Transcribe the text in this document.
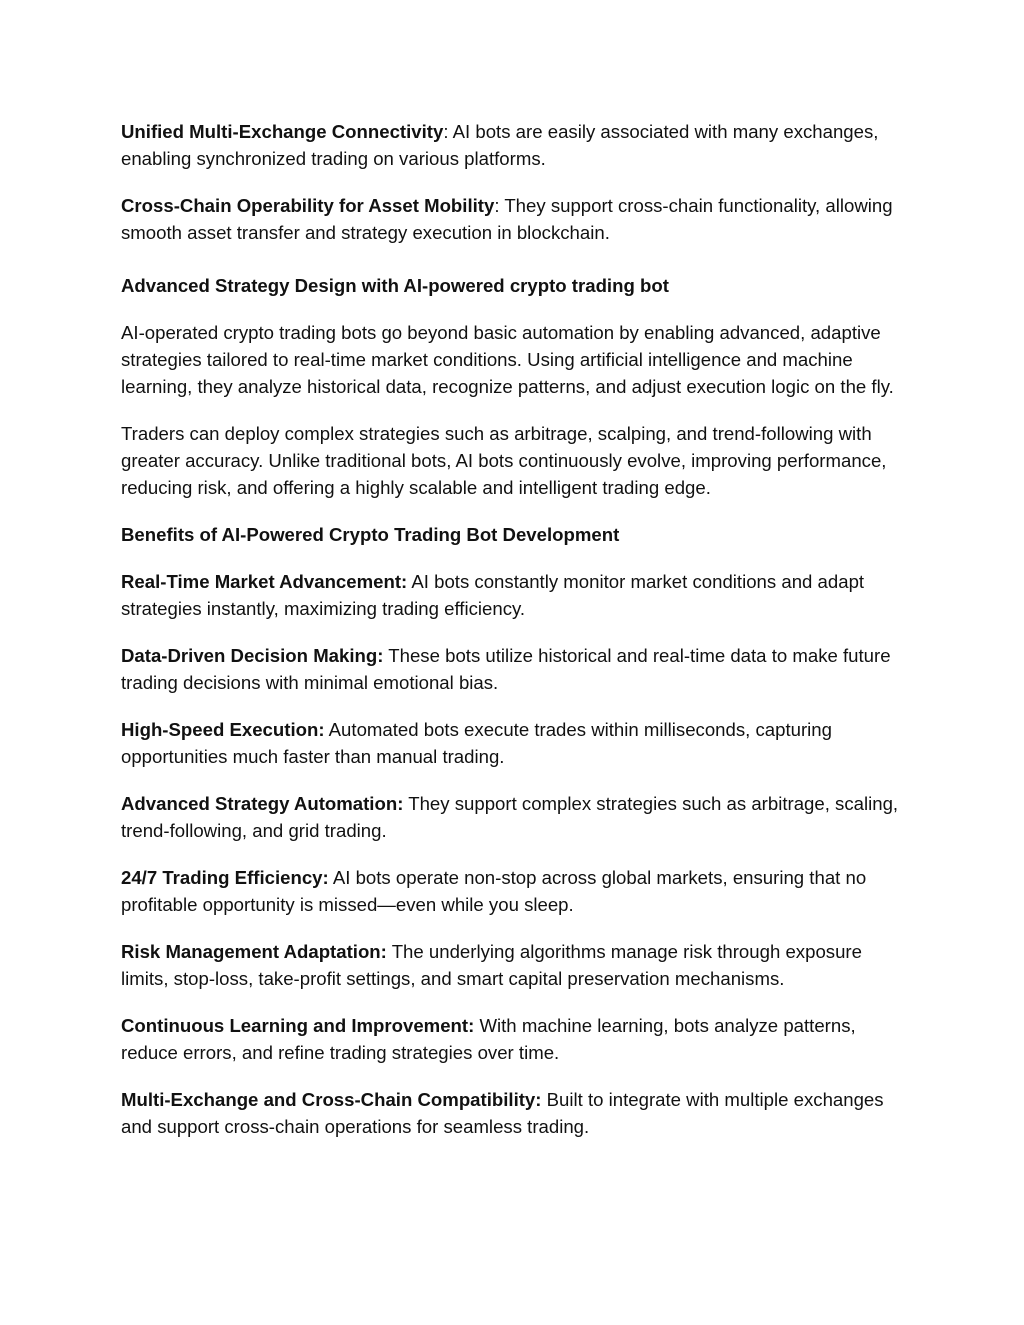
Unified Multi-Exchange Connectivity: AI bots are easily associated with many exchanges, enabling synchronized trading on various platforms.

Cross-Chain Operability for Asset Mobility: They support cross-chain functionality, allowing smooth asset transfer and strategy execution in blockchain.

Advanced Strategy Design with AI-powered crypto trading bot

AI-operated crypto trading bots go beyond basic automation by enabling advanced, adaptive strategies tailored to real-time market conditions. Using artificial intelligence and machine learning, they analyze historical data, recognize patterns, and adjust execution logic on the fly.

Traders can deploy complex strategies such as arbitrage, scalping, and trend-following with greater accuracy. Unlike traditional bots, AI bots continuously evolve, improving performance, reducing risk, and offering a highly scalable and intelligent trading edge.

Benefits of AI-Powered Crypto Trading Bot Development

Real-Time Market Advancement: AI bots constantly monitor market conditions and adapt strategies instantly, maximizing trading efficiency.

Data-Driven Decision Making: These bots utilize historical and real-time data to make future trading decisions with minimal emotional bias.

High-Speed Execution: Automated bots execute trades within milliseconds, capturing opportunities much faster than manual trading.

Advanced Strategy Automation: They support complex strategies such as arbitrage, scaling, trend-following, and grid trading.

24/7 Trading Efficiency: AI bots operate non-stop across global markets, ensuring that no profitable opportunity is missed—even while you sleep.

Risk Management Adaptation: The underlying algorithms manage risk through exposure limits, stop-loss, take-profit settings, and smart capital preservation mechanisms.

Continuous Learning and Improvement: With machine learning, bots analyze patterns, reduce errors, and refine trading strategies over time.

Multi-Exchange and Cross-Chain Compatibility: Built to integrate with multiple exchanges and support cross-chain operations for seamless trading.
